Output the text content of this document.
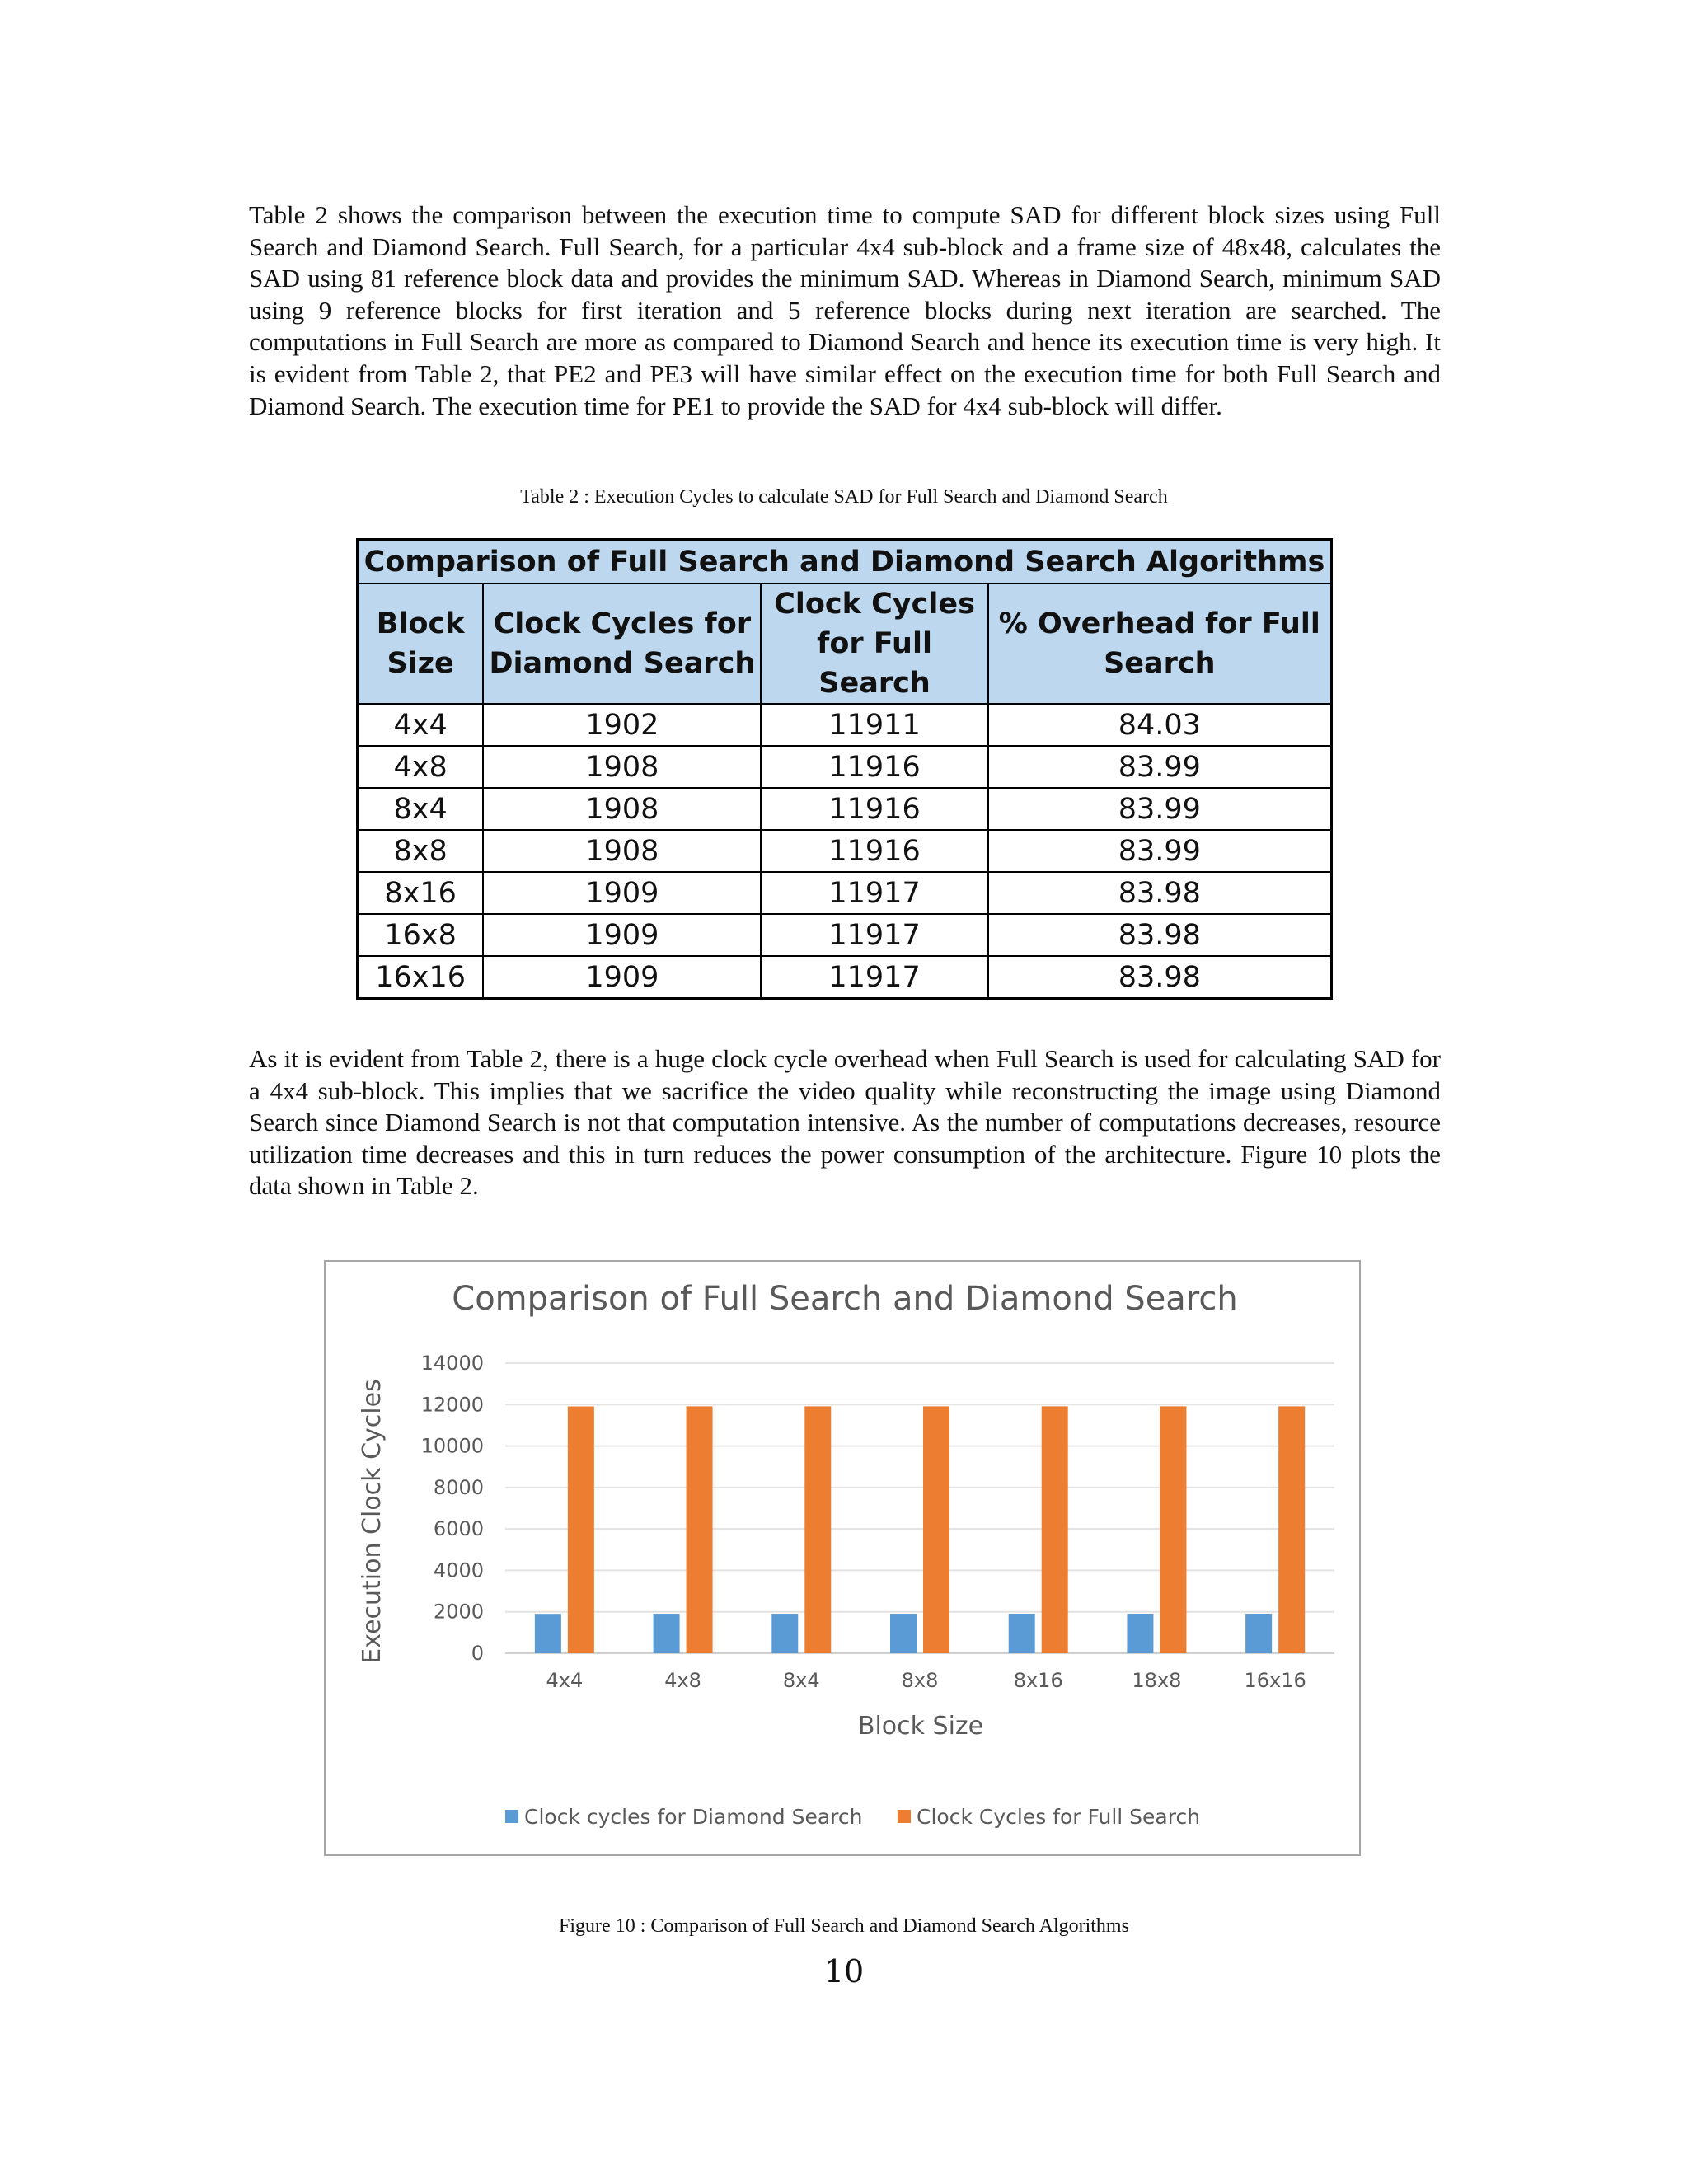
Table 2 shows the comparison between the execution time to compute SAD for different block sizes using Full Search and Diamond Search. Full Search, for a particular 4x4 sub-block and a frame size of 48x48, calculates the SAD using 81 reference block data and provides the minimum SAD. Whereas in Diamond Search, minimum SAD using 9 reference blocks for first iteration and 5 reference blocks during next iteration are searched. The computations in Full Search are more as compared to Diamond Search and hence its execution time is very high. It is evident from Table 2, that PE2 and PE3 will have similar effect on the execution time for both Full Search and Diamond Search. The execution time for PE1 to provide the SAD for 4x4 sub-block will differ.

Table 2 : Execution Cycles to calculate SAD for Full Search and Diamond Search
Comparison of Full Search and Diamond Search Algorithms			
Block Size	Clock Cycles for Diamond Search	Clock Cycles for Full Search	% Overhead for Full Search
4x4	1902	11911	84.03
4x8	1908	11916	83.99
8x4	1908	11916	83.99
8x8	1908	11916	83.99
8x16	1909	11917	83.98
16x8	1909	11917	83.98
16x16	1909	11917	83.98

As it is evident from Table 2, there is a huge clock cycle overhead when Full Search is used for calculating SAD for a 4x4 sub-block. This implies that we sacrifice the video quality while reconstructing the image using Diamond Search since Diamond Search is not that computation intensive. As the number of computations decreases, resource utilization time decreases and this in turn reduces the power consumption of the architecture. Figure 10 plots the data shown in Table 2.

Comparison of Full Search and Diamond Search
0
2000
4000
6000
8000
10000
12000
14000
4x4	4x8	8x4	8x8	8x16	18x8	16x16
Execution Clock Cycles
Block Size
Clock cycles for Diamond Search	Clock Cycles for Full Search
Figure 10 : Comparison of Full Search and Diamond Search Algorithms
10
